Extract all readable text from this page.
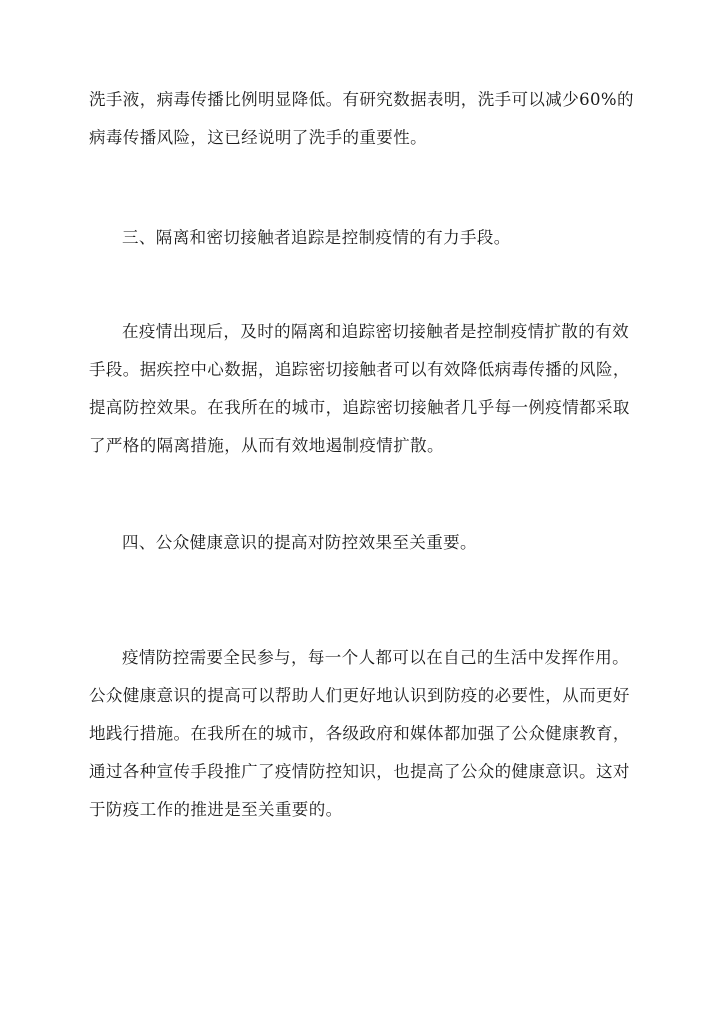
洗手液，病毒传播比例明显降低。有研究数据表明，洗手可以减少60%的
病毒传播风险，这已经说明了洗手的重要性。
三、隔离和密切接触者追踪是控制疫情的有力手段。
在疫情出现后，及时的隔离和追踪密切接触者是控制疫情扩散的有效
手段。据疾控中心数据，追踪密切接触者可以有效降低病毒传播的风险，
提高防控效果。在我所在的城市，追踪密切接触者几乎每一例疫情都采取
了严格的隔离措施，从而有效地遏制疫情扩散。
四、公众健康意识的提高对防控效果至关重要。
疫情防控需要全民参与，每一个人都可以在自己的生活中发挥作用。
公众健康意识的提高可以帮助人们更好地认识到防疫的必要性，从而更好
地践行措施。在我所在的城市，各级政府和媒体都加强了公众健康教育，
通过各种宣传手段推广了疫情防控知识，也提高了公众的健康意识。这对
于防疫工作的推进是至关重要的。
